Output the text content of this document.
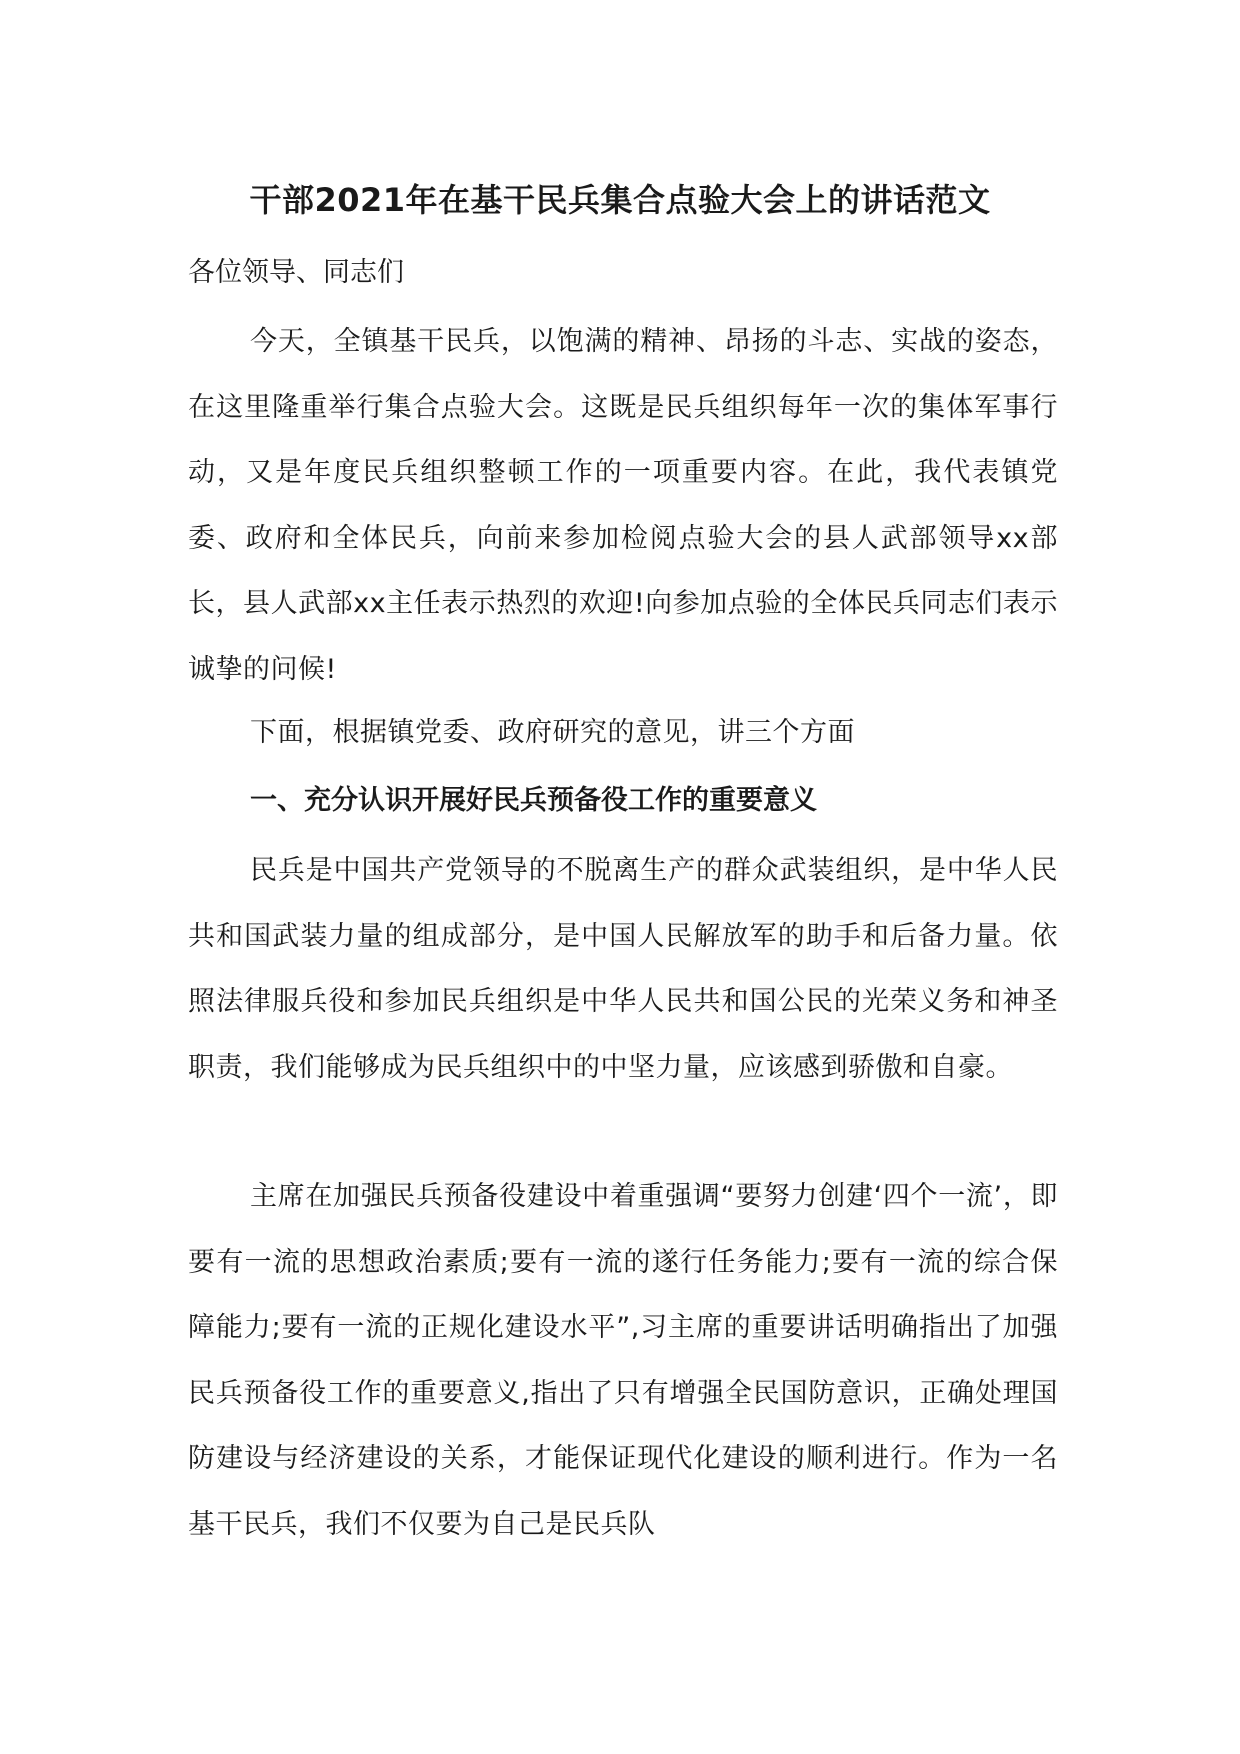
干部2021年在基干民兵集合点验大会上的讲话范文

各位领导、同志们

今天，全镇基干民兵，以饱满的精神、昂扬的斗志、实战的姿态，在这里隆重举行集合点验大会。这既是民兵组织每年一次的集体军事行动，又是年度民兵组织整顿工作的一项重要内容。在此，我代表镇党委、政府和全体民兵，向前来参加检阅点验大会的县人武部领导xx部长，县人武部xx主任表示热烈的欢迎!向参加点验的全体民兵同志们表示诚挚的问候!

下面，根据镇党委、政府研究的意见，讲三个方面

一、充分认识开展好民兵预备役工作的重要意义

民兵是中国共产党领导的不脱离生产的群众武装组织，是中华人民共和国武装力量的组成部分，是中国人民解放军的助手和后备力量。依照法律服兵役和参加民兵组织是中华人民共和国公民的光荣义务和神圣职责，我们能够成为民兵组织中的中坚力量，应该感到骄傲和自豪。

主席在加强民兵预备役建设中着重强调“要努力创建‘四个一流’，即要有一流的思想政治素质;要有一流的遂行任务能力;要有一流的综合保障能力;要有一流的正规化建设水平”,习主席的重要讲话明确指出了加强民兵预备役工作的重要意义,指出了只有增强全民国防意识，正确处理国防建设与经济建设的关系，才能保证现代化建设的顺利进行。作为一名基干民兵，我们不仅要为自己是民兵队
